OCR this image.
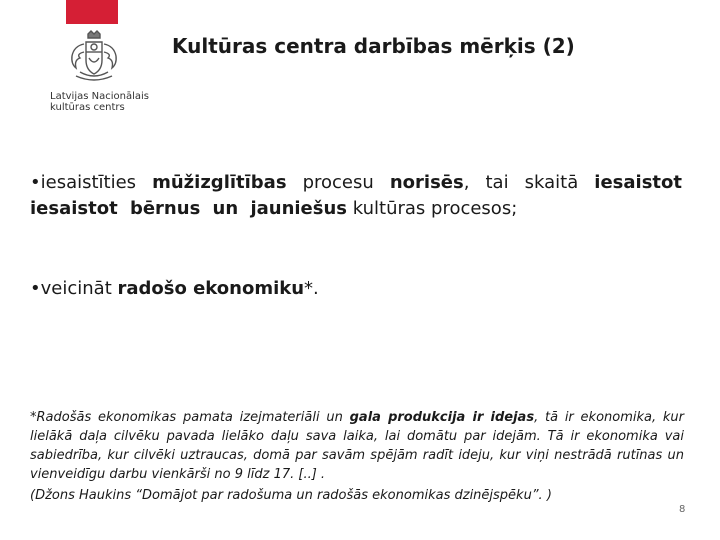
Latvijas Nacionālais
kultūras centrs
Kultūras centra darbības mērķis (2)
•iesaistīties mūžizglītības procesu norisēs, tai skaitā iesaistot iesaistot bērnus un jauniešus kultūras procesos;
•veicināt radošo ekonomiku*.
*Radošās ekonomikas pamata izejmateriāli un gala produkcija ir idejas, tā ir ekonomika, kur lielākā daļa cilvēku pavada lielāko daļu sava laika, lai domātu par idejām. Tā ir ekonomika vai sabiedrība, kur cilvēki uztraucas, domā par savām spējām radīt ideju, kur viņi nestrādā rutīnas un vienveidīgu darbu vienkārši no 9 līdz 17. [..] .
(Džons Haukins “Domājot par radošuma un radošās ekonomikas dzinējspēku”. )
8
